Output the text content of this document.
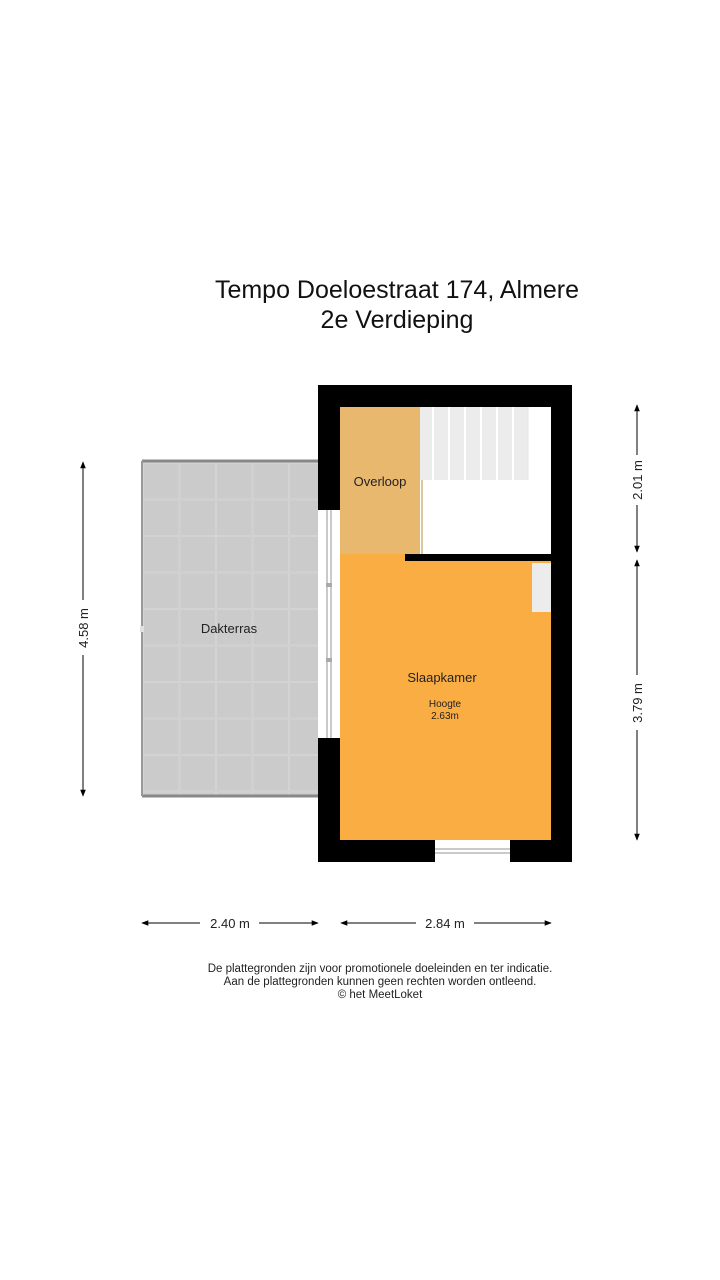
Tempo Doeloestraat 174, Almere
2e Verdieping
Dakterras
Overloop
Slaapkamer
Hoogte
2.63m
4.58 m
2.01 m
3.79 m
2.40 m	2.84 m
De plattegronden zijn voor promotionele doeleinden en ter indicatie.
Aan de plattegronden kunnen geen rechten worden ontleend.
© het MeetLoket
